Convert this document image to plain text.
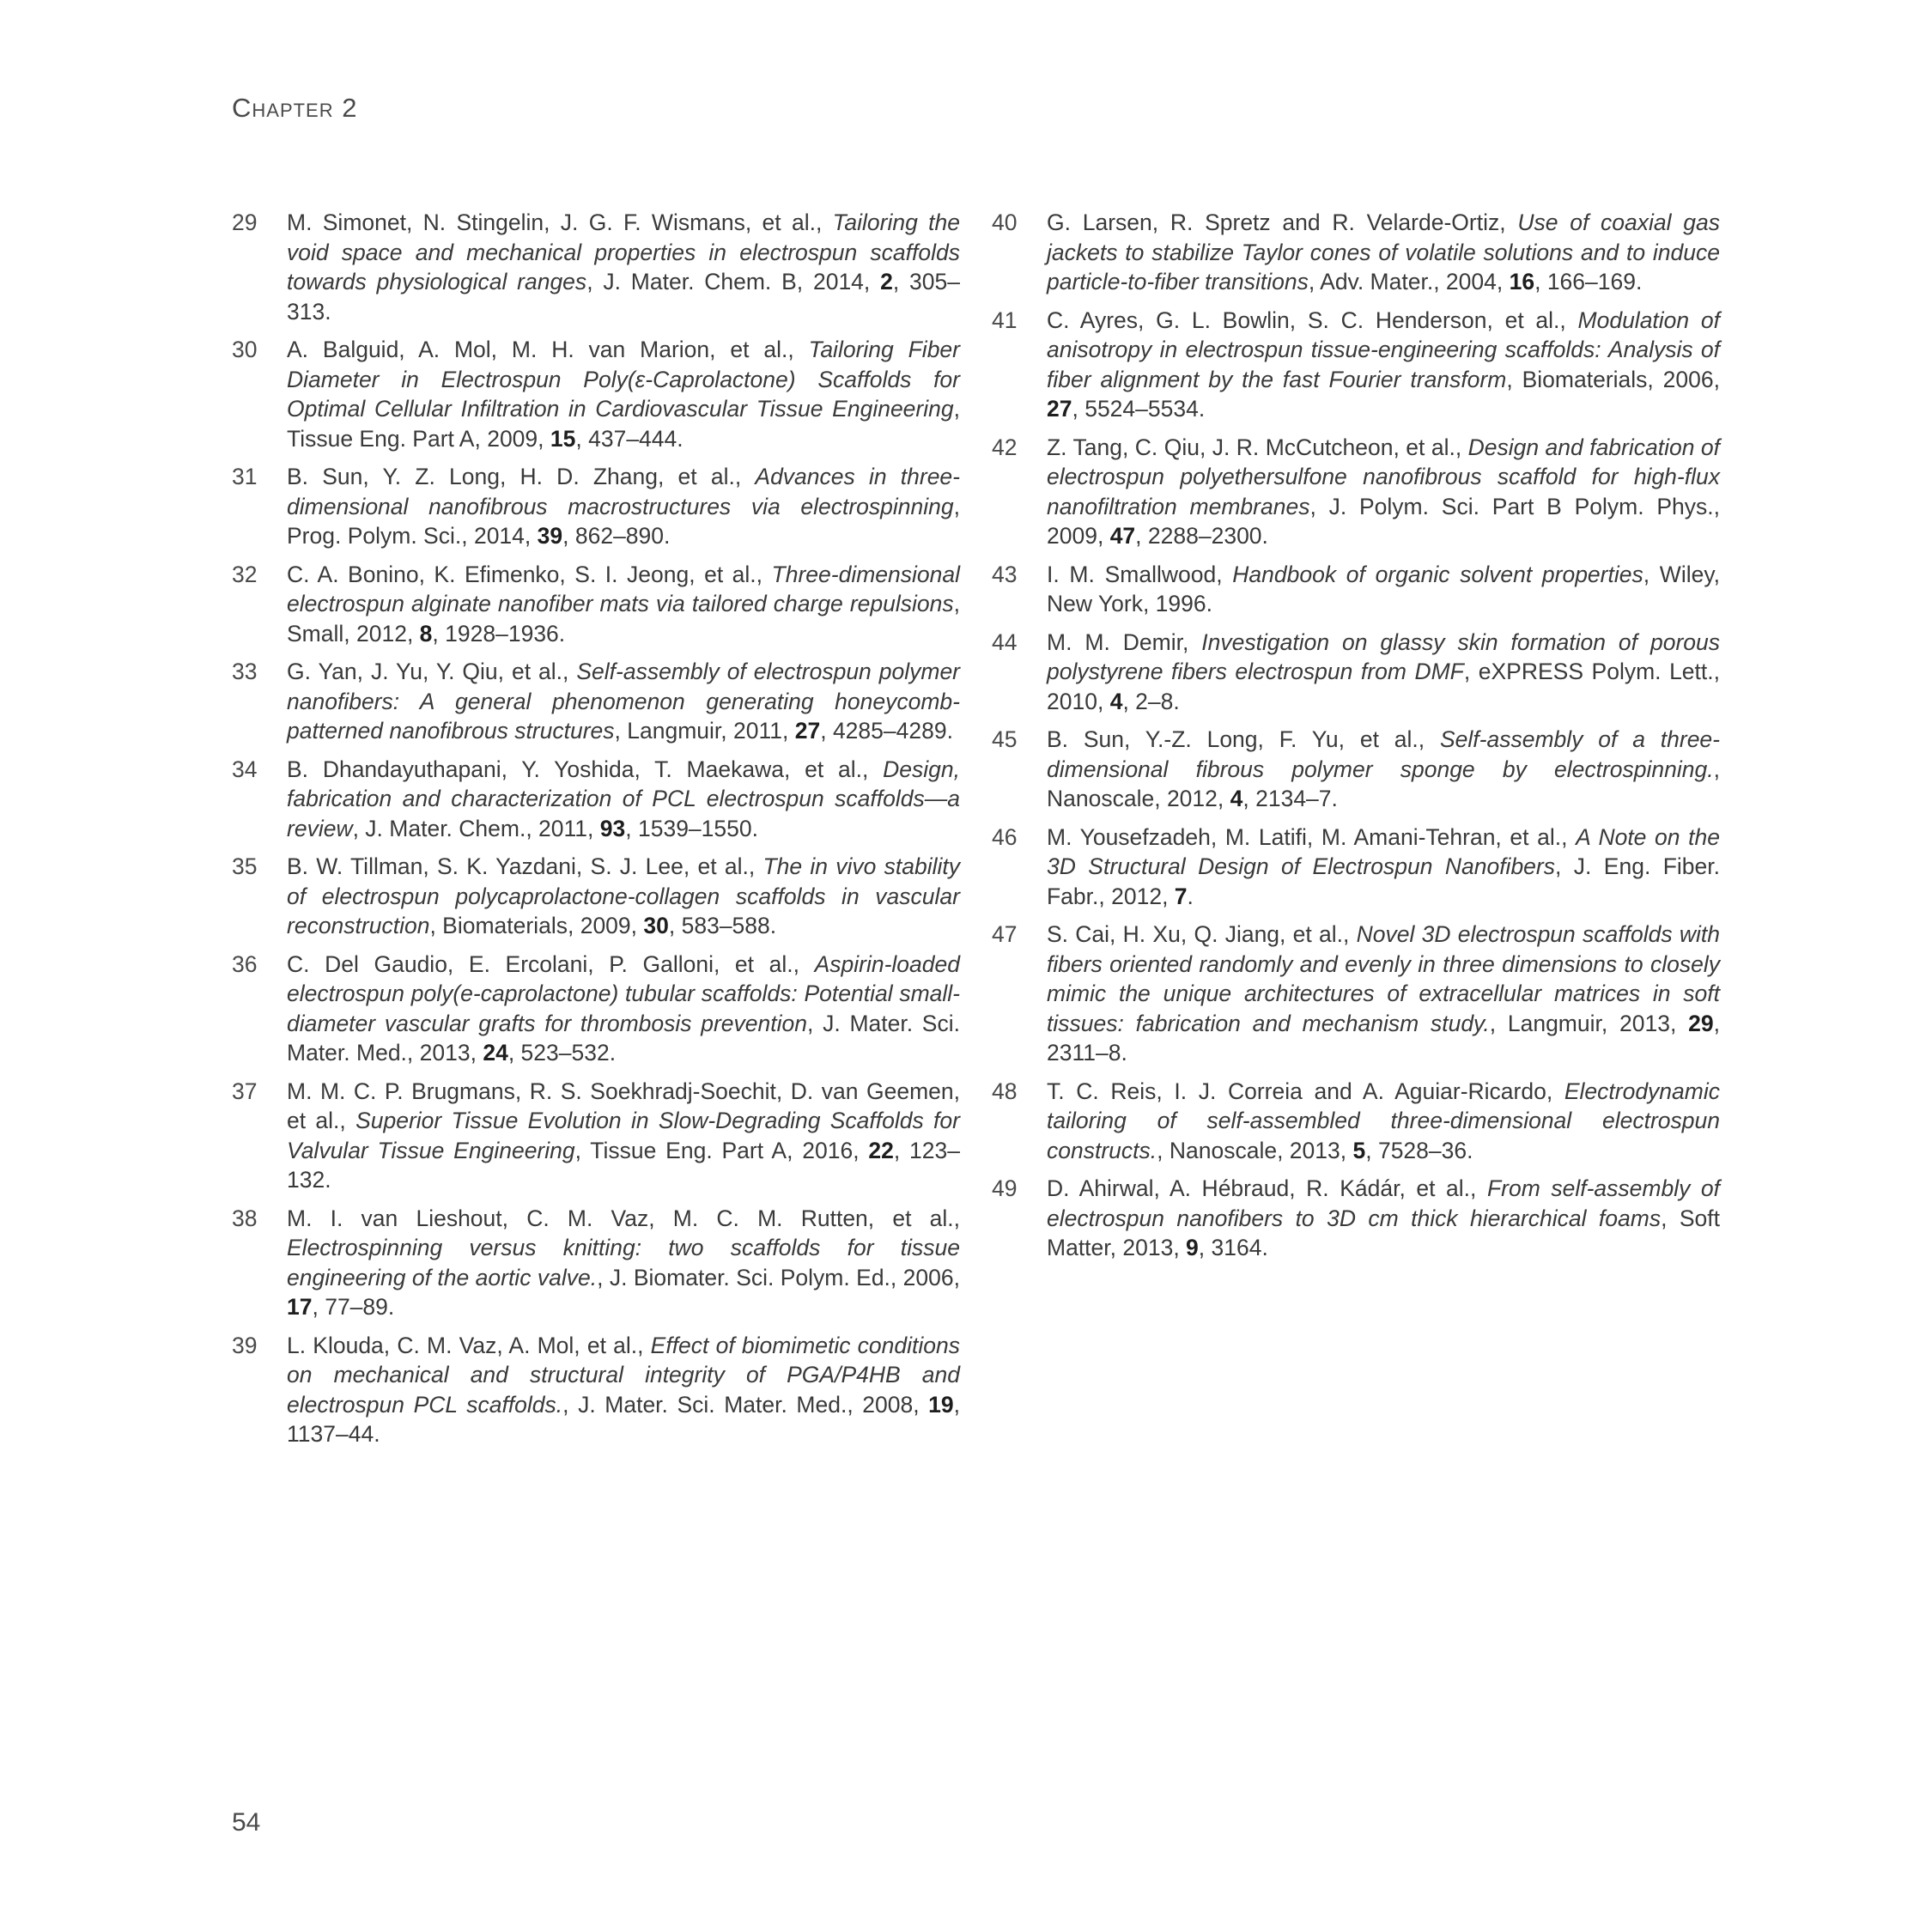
Chapter 2
29	M. Simonet, N. Stingelin, J. G. F. Wismans, et al., Tailoring the void space and mechanical properties in electrospun scaffolds towards physiological ranges, J. Mater. Chem. B, 2014, 2, 305–313.
30	A. Balguid, A. Mol, M. H. van Marion, et al., Tailoring Fiber Diameter in Electrospun Poly(ε-Caprolactone) Scaffolds for Optimal Cellular Infiltration in Cardiovascular Tissue Engineering, Tissue Eng. Part A, 2009, 15, 437–444.
31	B. Sun, Y. Z. Long, H. D. Zhang, et al., Advances in three-dimensional nanofibrous macrostructures via electrospinning, Prog. Polym. Sci., 2014, 39, 862–890.
32	C. A. Bonino, K. Efimenko, S. I. Jeong, et al., Three-dimensional electrospun alginate nanofiber mats via tailored charge repulsions, Small, 2012, 8, 1928–1936.
33	G. Yan, J. Yu, Y. Qiu, et al., Self-assembly of electrospun polymer nanofibers: A general phenomenon generating honeycomb-patterned nanofibrous structures, Langmuir, 2011, 27, 4285–4289.
34	B. Dhandayuthapani, Y. Yoshida, T. Maekawa, et al., Design, fabrication and characterization of PCL electrospun scaffolds—a review, J. Mater. Chem., 2011, 93, 1539–1550.
35	B. W. Tillman, S. K. Yazdani, S. J. Lee, et al., The in vivo stability of electrospun polycaprolactone-collagen scaffolds in vascular reconstruction, Biomaterials, 2009, 30, 583–588.
36	C. Del Gaudio, E. Ercolani, P. Galloni, et al., Aspirin-loaded electrospun poly(e-caprolactone) tubular scaffolds: Potential small-diameter vascular grafts for thrombosis prevention, J. Mater. Sci. Mater. Med., 2013, 24, 523–532.
37	M. M. C. P. Brugmans, R. S. Soekhradj-Soechit, D. van Geemen, et al., Superior Tissue Evolution in Slow-Degrading Scaffolds for Valvular Tissue Engineering, Tissue Eng. Part A, 2016, 22, 123–132.
38	M. I. van Lieshout, C. M. Vaz, M. C. M. Rutten, et al., Electrospinning versus knitting: two scaffolds for tissue engineering of the aortic valve., J. Biomater. Sci. Polym. Ed., 2006, 17, 77–89.
39	L. Klouda, C. M. Vaz, A. Mol, et al., Effect of biomimetic conditions on mechanical and structural integrity of PGA/P4HB and electrospun PCL scaffolds., J. Mater. Sci. Mater. Med., 2008, 19, 1137–44.
40	G. Larsen, R. Spretz and R. Velarde-Ortiz, Use of coaxial gas jackets to stabilize Taylor cones of volatile solutions and to induce particle-to-fiber transitions, Adv. Mater., 2004, 16, 166–169.
41	C. Ayres, G. L. Bowlin, S. C. Henderson, et al., Modulation of anisotropy in electrospun tissue-engineering scaffolds: Analysis of fiber alignment by the fast Fourier transform, Biomaterials, 2006, 27, 5524–5534.
42	Z. Tang, C. Qiu, J. R. McCutcheon, et al., Design and fabrication of electrospun polyethersulfone nanofibrous scaffold for high-flux nanofiltration membranes, J. Polym. Sci. Part B Polym. Phys., 2009, 47, 2288–2300.
43	I. M. Smallwood, Handbook of organic solvent properties, Wiley, New York, 1996.
44	M. M. Demir, Investigation on glassy skin formation of porous polystyrene fibers electrospun from DMF, eXPRESS Polym. Lett., 2010, 4, 2–8.
45	B. Sun, Y.-Z. Long, F. Yu, et al., Self-assembly of a three-dimensional fibrous polymer sponge by electrospinning., Nanoscale, 2012, 4, 2134–7.
46	M. Yousefzadeh, M. Latifi, M. Amani-Tehran, et al., A Note on the 3D Structural Design of Electrospun Nanofibers, J. Eng. Fiber. Fabr., 2012, 7.
47	S. Cai, H. Xu, Q. Jiang, et al., Novel 3D electrospun scaffolds with fibers oriented randomly and evenly in three dimensions to closely mimic the unique architectures of extracellular matrices in soft tissues: fabrication and mechanism study., Langmuir, 2013, 29, 2311–8.
48	T. C. Reis, I. J. Correia and A. Aguiar-Ricardo, Electrodynamic tailoring of self-assembled three-dimensional electrospun constructs., Nanoscale, 2013, 5, 7528–36.
49	D. Ahirwal, A. Hébraud, R. Kádár, et al., From self-assembly of electrospun nanofibers to 3D cm thick hierarchical foams, Soft Matter, 2013, 9, 3164.
54
